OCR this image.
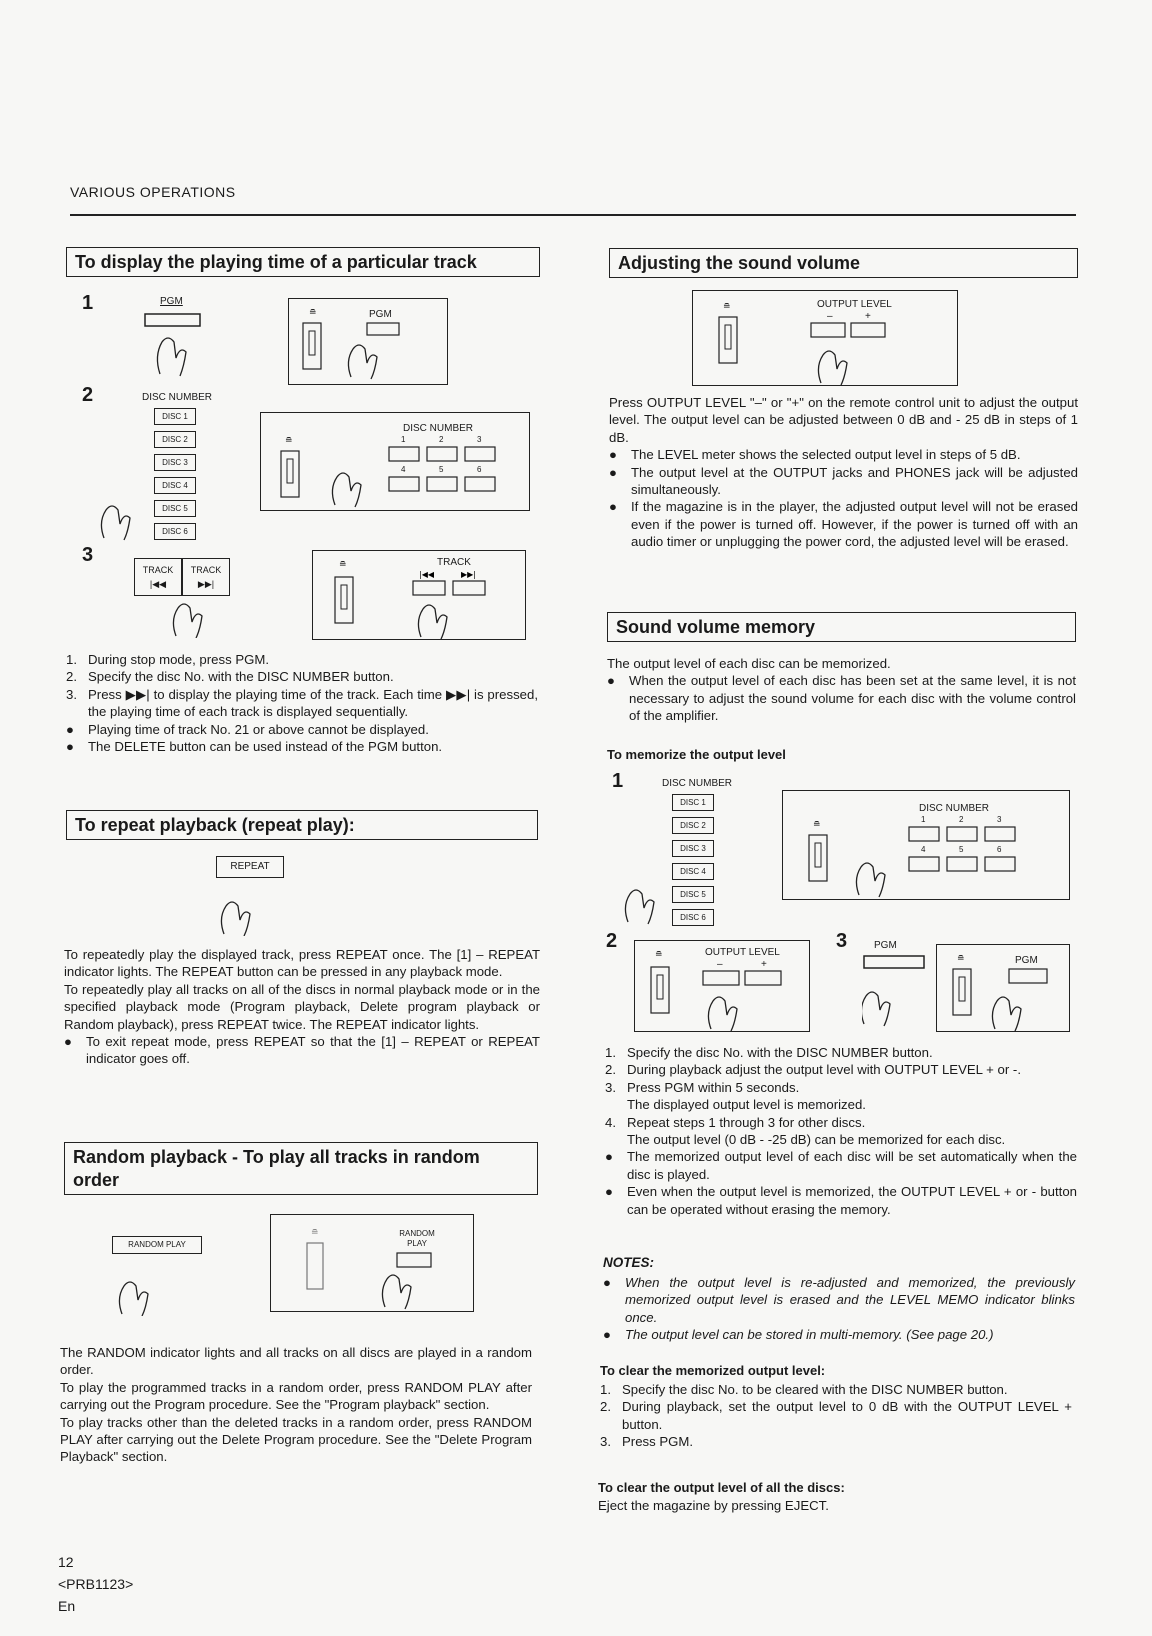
VARIOUS OPERATIONS
To display the playing time of a particular track
1
2
3
PGM
PGM
≘
DISC NUMBER
DISC 1
DISC 2
DISC 3
DISC 4
DISC 5
DISC 6
DISC NUMBER
≘	1	2	3
4	5	6
TRACK
|◀◀
TRACK
▶▶|
TRACK
≘
|◀◀	▶▶|
1. During stop mode, press PGM.
2. Specify the disc No. with the DISC NUMBER button.
3. Press ▶▶| to display the playing time of the track. Each time ▶▶| is pressed, the playing time of each track is displayed sequentially.
● Playing time of track No. 21 or above cannot be displayed.
● The DELETE button can be used instead of the PGM button.
To repeat playback (repeat play):
REPEAT

To repeatedly play the displayed track, press REPEAT once. The [1] – REPEAT indicator lights. The REPEAT button can be pressed in any playback mode.

To repeatedly play all tracks on all of the discs in normal playback mode or in the specified playback mode (Program playback, Delete program playback or Random playback), press REPEAT twice. The REPEAT indicator lights.

● To exit repeat mode, press REPEAT so that the [1] – REPEAT or REPEAT indicator goes off.
Random playback - To play all tracks in random order
RANDOM PLAY
RANDOM PLAY
≘

The RANDOM indicator lights and all tracks on all discs are played in a random order.

To play the programmed tracks in a random order, press RANDOM PLAY after carrying out the Program procedure. See the "Program playback" section.

To play tracks other than the deleted tracks in a random order, press RANDOM PLAY after carrying out the Delete Program procedure. See the "Delete Program Playback" section.

Adjusting the sound volume
OUTPUT LEVEL
–	+
≘

Press OUTPUT LEVEL "–" or "+" on the remote control unit to adjust the output level. The output level can be adjusted between 0 dB and - 25 dB in steps of 1 dB.

● The LEVEL meter shows the selected output level in steps of 5 dB.
● The output level at the OUTPUT jacks and PHONES jack will be adjusted simultaneously.
● If the magazine is in the player, the adjusted output level will not be erased even if the power is turned off. However, if the power is turned off with an audio timer or unplugging the power cord, the adjusted level will be erased.
Sound volume memory

The output level of each disc can be memorized.

● When the output level of each disc has been set at the same level, it is not necessary to adjust the sound volume for each disc with the volume control of the amplifier.
To memorize the output level
1
2	3
DISC NUMBER
DISC 1
DISC 2
DISC 3
DISC 4
DISC 5
DISC 6
DISC NUMBER
≘
1	2	3
4	5	6
OUTPUT LEVEL
–	+
≘
PGM
PGM
≘
1. Specify the disc No. with the DISC NUMBER button.
2. During playback adjust the output level with OUTPUT LEVEL + or -.
3. Press PGM within 5 seconds.
The displayed output level is memorized.
4. Repeat steps 1 through 3 for other discs.
The output level (0 dB - -25 dB) can be memorized for each disc.
● The memorized output level of each disc will be set automatically when the disc is played.
● Even when the output level is memorized, the OUTPUT LEVEL + or - button can be operated without erasing the memory.
NOTES:
● When the output level is re-adjusted and memorized, the previously memorized output level is erased and the LEVEL MEMO indicator blinks once.
● The output level can be stored in multi-memory. (See page 20.)
To clear the memorized output level:
1. Specify the disc No. to be cleared with the DISC NUMBER button.
2. During playback, set the output level to 0 dB with the OUTPUT LEVEL + button.
3. Press PGM.
To clear the output level of all the discs:
Eject the magazine by pressing EJECT.
12
<PRB1123>
En
